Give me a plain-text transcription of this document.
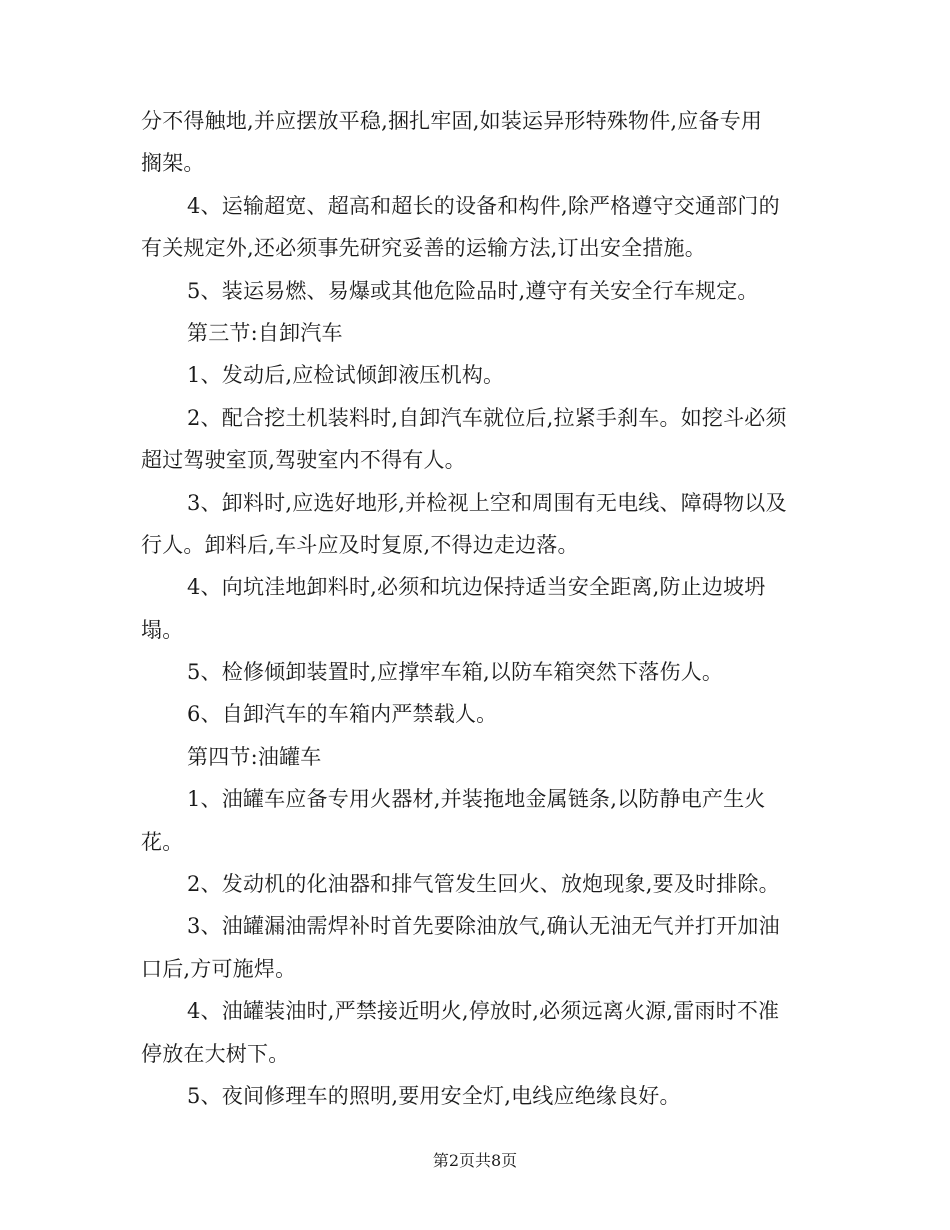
分不得触地,并应摆放平稳,捆扎牢固,如装运异形特殊物件,应备专用
搁架。
4、运输超宽、超高和超长的设备和构件,除严格遵守交通部门的
有关规定外,还必须事先研究妥善的运输方法,订出安全措施。
5、装运易燃、易爆或其他危险品时,遵守有关安全行车规定。
第三节:自卸汽车
1、发动后,应检试倾卸液压机构。
2、配合挖土机装料时,自卸汽车就位后,拉紧手刹车。如挖斗必须
超过驾驶室顶,驾驶室内不得有人。
3、卸料时,应选好地形,并检视上空和周围有无电线、障碍物以及
行人。卸料后,车斗应及时复原,不得边走边落。
4、向坑洼地卸料时,必须和坑边保持适当安全距离,防止边坡坍
塌。
5、检修倾卸装置时,应撑牢车箱,以防车箱突然下落伤人。
6、自卸汽车的车箱内严禁载人。
第四节:油罐车
1、油罐车应备专用火器材,并装拖地金属链条,以防静电产生火
花。
2、发动机的化油器和排气管发生回火、放炮现象,要及时排除。
3、油罐漏油需焊补时首先要除油放气,确认无油无气并打开加油
口后,方可施焊。
4、油罐装油时,严禁接近明火,停放时,必须远离火源,雷雨时不准
停放在大树下。
5、夜间修理车的照明,要用安全灯,电线应绝缘良好。
第2页共8页
